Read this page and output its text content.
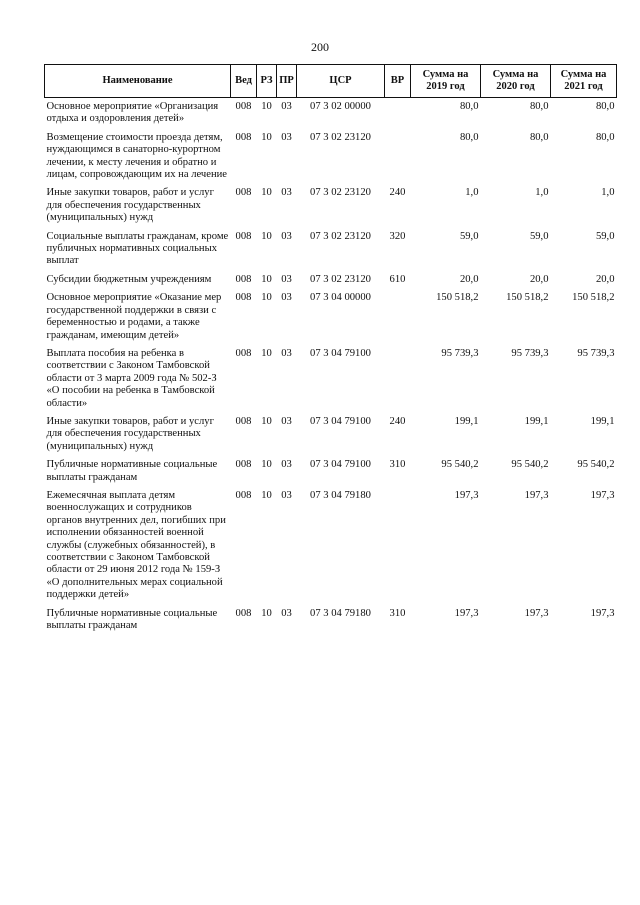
200
Наименование	Вед	РЗ	ПР	ЦСР	ВР	Сумма на 2019 год	Сумма на 2020 год	Сумма на 2021 год
Основное мероприятие «Организация отдыха и оздоровления детей»	008	10	03	07 3 02 00000		80,0	80,0	80,0
Возмещение стоимости проезда детям, нуждающимся в санаторно-курортном лечении, к месту лечения и обратно и лицам, сопровождающим их на лечение	008	10	03	07 3 02 23120		80,0	80,0	80,0
Иные закупки товаров, работ и услуг для обеспечения государственных (муниципальных) нужд	008	10	03	07 3 02 23120	240	1,0	1,0	1,0
Социальные выплаты гражданам, кроме публичных нормативных социальных выплат	008	10	03	07 3 02 23120	320	59,0	59,0	59,0
Субсидии бюджетным учреждениям	008	10	03	07 3 02 23120	610	20,0	20,0	20,0
Основное мероприятие «Оказание мер государственной поддержки в связи с беременностью и родами, а также гражданам, имеющим детей»	008	10	03	07 3 04 00000		150 518,2	150 518,2	150 518,2
Выплата пособия на ребенка в соответствии с Законом Тамбовской области от 3 марта 2009 года № 502-З «О пособии на ребенка в Тамбовской области»	008	10	03	07 3 04 79100		95 739,3	95 739,3	95 739,3
Иные закупки товаров, работ и услуг для обеспечения государственных (муниципальных) нужд	008	10	03	07 3 04 79100	240	199,1	199,1	199,1
Публичные нормативные социальные выплаты гражданам	008	10	03	07 3 04 79100	310	95 540,2	95 540,2	95 540,2
Ежемесячная выплата детям военнослужащих и сотрудников органов внутренних дел, погибших при исполнении обязанностей военной службы (служебных обязанностей), в соответствии с Законом Тамбовской области от 29 июня 2012 года № 159-З «О дополнительных мерах социальной поддержки детей»	008	10	03	07 3 04 79180		197,3	197,3	197,3
Публичные нормативные социальные выплаты гражданам	008	10	03	07 3 04 79180	310	197,3	197,3	197,3
